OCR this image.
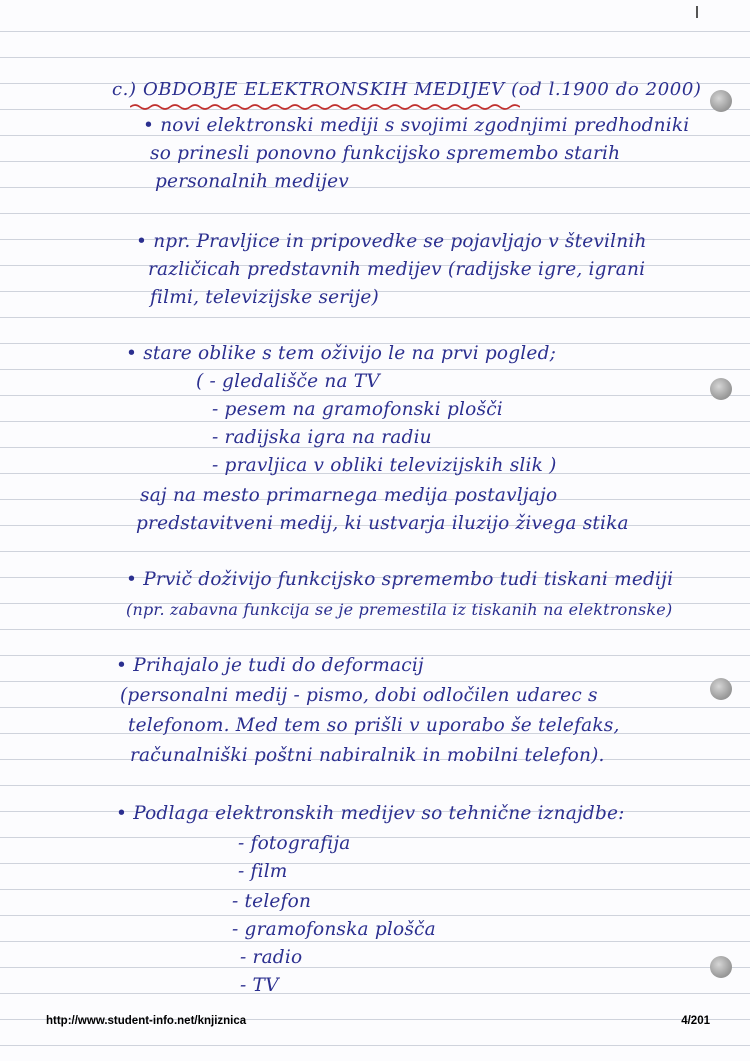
c.) OBDOBJE ELEKTRONSKIH MEDIJEV (od l.1900 do 2000)

• novi elektronski mediji s svojimi zgodnjimi predhodniki

so prinesli ponovno funkcijsko spremembo starih

personalnih medijev

• npr. Pravljice in pripovedke se pojavljajo v številnih

različicah predstavnih medijev (radijske igre, igrani

filmi, televizijske serije)

• stare oblike s tem oživijo le na prvi pogled;

( - gledališče na TV

- pesem na gramofonski plošči

- radijska igra na radiu

- pravljica v obliki televizijskih slik )

saj na mesto primarnega medija postavljajo

predstavitveni medij, ki ustvarja iluzijo živega stika

• Prvič doživijo funkcijsko spremembo tudi tiskani mediji

(npr. zabavna funkcija se je premestila iz tiskanih na elektronske)

• Prihajalo je tudi do deformacij

(personalni medij - pismo, dobi odločilen udarec s

telefonom. Med tem so prišli v uporabo še telefaks,

računalniški poštni nabiralnik in mobilni telefon).

• Podlaga elektronskih medijev so tehnične iznajdbe:

- fotografija

- film

- telefon

- gramofonska plošča

- radio

- TV

http://www.student-info.net/knjiznica	4/201
